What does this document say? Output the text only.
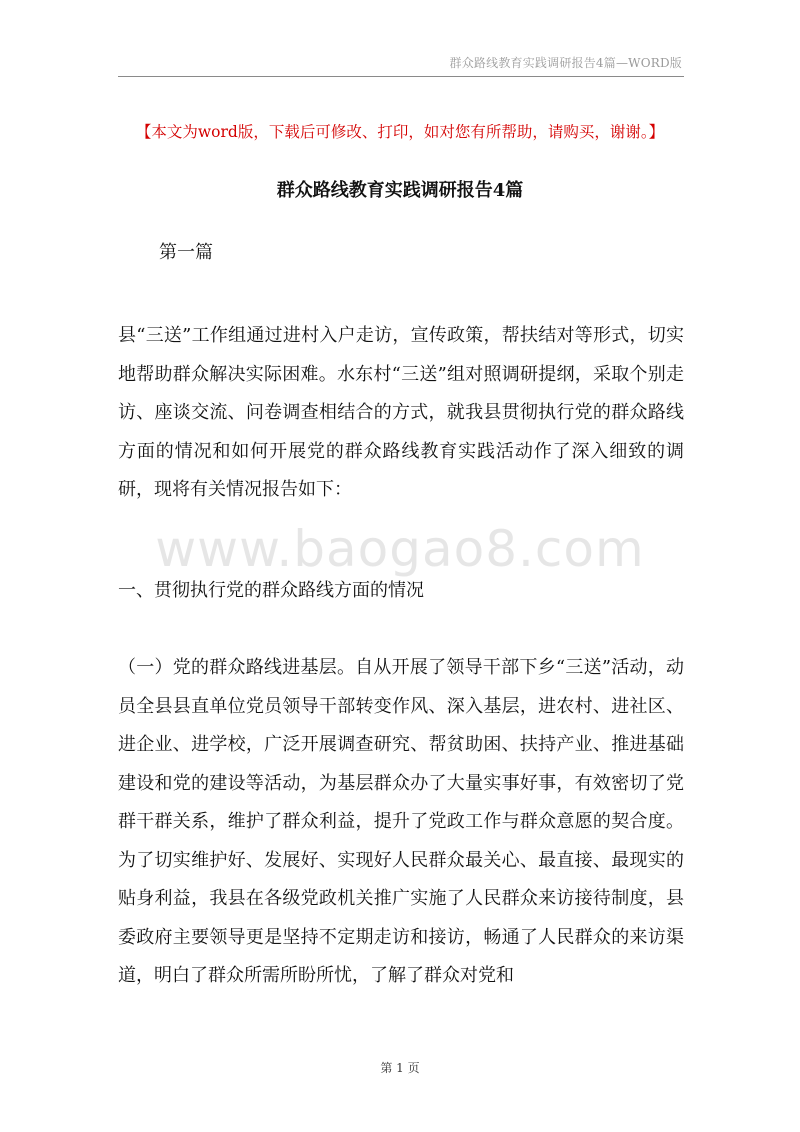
群众路线教育实践调研报告4篇—WORD版
【本文为word版，下载后可修改、打印，如对您有所帮助，请购买，谢谢。】
群众路线教育实践调研报告4篇
第一篇
县“三送”工作组通过进村入户走访，宣传政策，帮扶结对等形式，切实地帮助群众解决实际困难。水东村“三送”组对照调研提纲，采取个别走访、座谈交流、问卷调查相结合的方式，就我县贯彻执行党的群众路线方面的情况和如何开展党的群众路线教育实践活动作了深入细致的调研，现将有关情况报告如下：
www.baogao8.com
一、贯彻执行党的群众路线方面的情况
（一）党的群众路线进基层。自从开展了领导干部下乡“三送”活动，动员全县县直单位党员领导干部转变作风、深入基层，进农村、进社区、进企业、进学校，广泛开展调查研究、帮贫助困、扶持产业、推进基础建设和党的建设等活动，为基层群众办了大量实事好事，有效密切了党群干群关系，维护了群众利益，提升了党政工作与群众意愿的契合度。为了切实维护好、发展好、实现好人民群众最关心、最直接、最现实的贴身利益，我县在各级党政机关推广实施了人民群众来访接待制度，县委政府主要领导更是坚持不定期走访和接访，畅通了人民群众的来访渠道，明白了群众所需所盼所忧，了解了群众对党和
第 1 页
